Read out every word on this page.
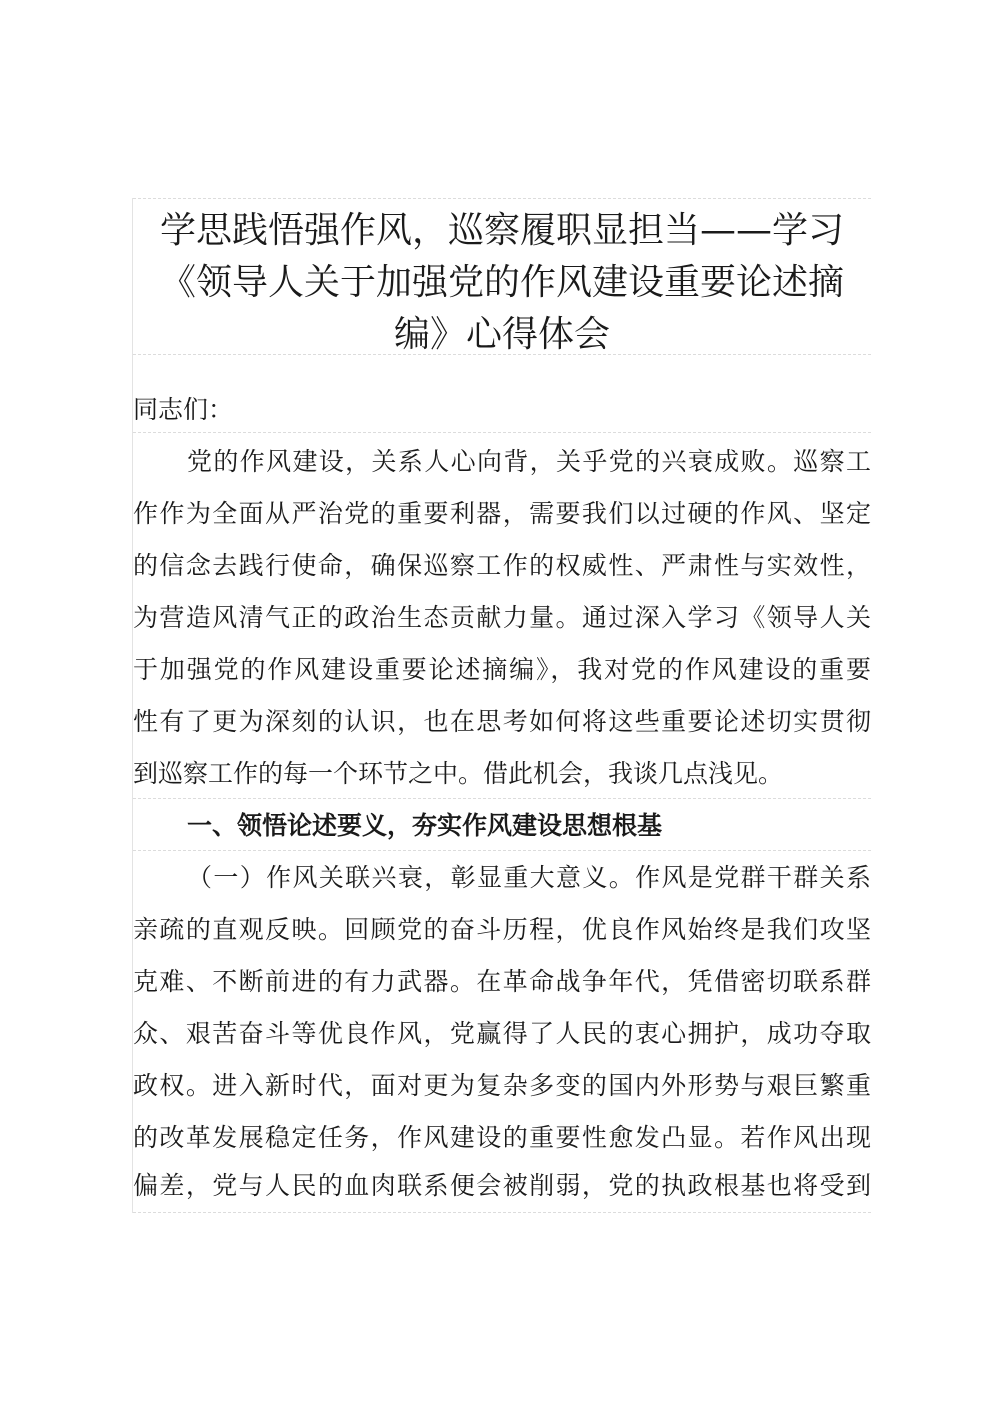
学思践悟强作风，巡察履职显担当——学习
《领导人关于加强党的作风建设重要论述摘
编》心得体会
同志们：
党的作风建设，关系人心向背，关乎党的兴衰成败。巡察工
作作为全面从严治党的重要利器，需要我们以过硬的作风、坚定
的信念去践行使命，确保巡察工作的权威性、严肃性与实效性，
为营造风清气正的政治生态贡献力量。通过深入学习《领导人关
于加强党的作风建设重要论述摘编》，我对党的作风建设的重要
性有了更为深刻的认识，也在思考如何将这些重要论述切实贯彻
到巡察工作的每一个环节之中。借此机会，我谈几点浅见。
一、领悟论述要义，夯实作风建设思想根基
（一）作风关联兴衰，彰显重大意义。作风是党群干群关系
亲疏的直观反映。回顾党的奋斗历程，优良作风始终是我们攻坚
克难、不断前进的有力武器。在革命战争年代，凭借密切联系群
众、艰苦奋斗等优良作风，党赢得了人民的衷心拥护，成功夺取
政权。进入新时代，面对更为复杂多变的国内外形势与艰巨繁重
的改革发展稳定任务，作风建设的重要性愈发凸显。若作风出现
偏差，党与人民的血肉联系便会被削弱，党的执政根基也将受到
